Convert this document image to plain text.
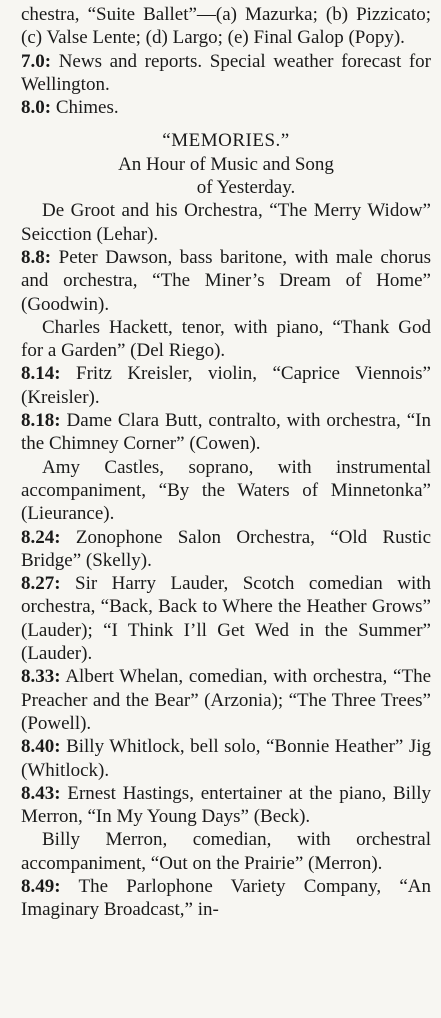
chestra, “Suite Ballet”—(a) Mazurka; (b) Pizzicato; (c) Valse Lente; (d) Largo; (e) Final Galop (Popy).

7.0: News and reports. Special weather forecast for Wellington.

8.0: Chimes.

“MEMORIES.”

An Hour of Music and Song

of Yesterday.

De Groot and his Orchestra, “The Merry Widow” Seicction (Lehar).

8.8: Peter Dawson, bass baritone, with male chorus and orchestra, “The Miner’s Dream of Home” (Goodwin).

Charles Hackett, tenor, with piano, “Thank God for a Garden” (Del Riego).

8.14: Fritz Kreisler, violin, “Caprice Viennois” (Kreisler).

8.18: Dame Clara Butt, contralto, with orchestra, “In the Chimney Corner” (Cowen).

Amy Castles, soprano, with instrumental accompaniment, “By the Waters of Minnetonka” (Lieurance).

8.24: Zonophone Salon Orchestra, “Old Rustic Bridge” (Skelly).

8.27: Sir Harry Lauder, Scotch comedian with orchestra, “Back, Back to Where the Heather Grows” (Lauder); “I Think I’ll Get Wed in the Summer” (Lauder).

8.33: Albert Whelan, comedian, with orchestra, “The Preacher and the Bear” (Arzonia); “The Three Trees” (Powell).

8.40: Billy Whitlock, bell solo, “Bonnie Heather” Jig (Whitlock).

8.43: Ernest Hastings, entertainer at the piano, Billy Merron, “In My Young Days” (Beck).

Billy Merron, comedian, with orchestral accompaniment, “Out on the Prairie” (Merron).

8.49: The Parlophone Variety Company, “An Imaginary Broadcast,” in-
